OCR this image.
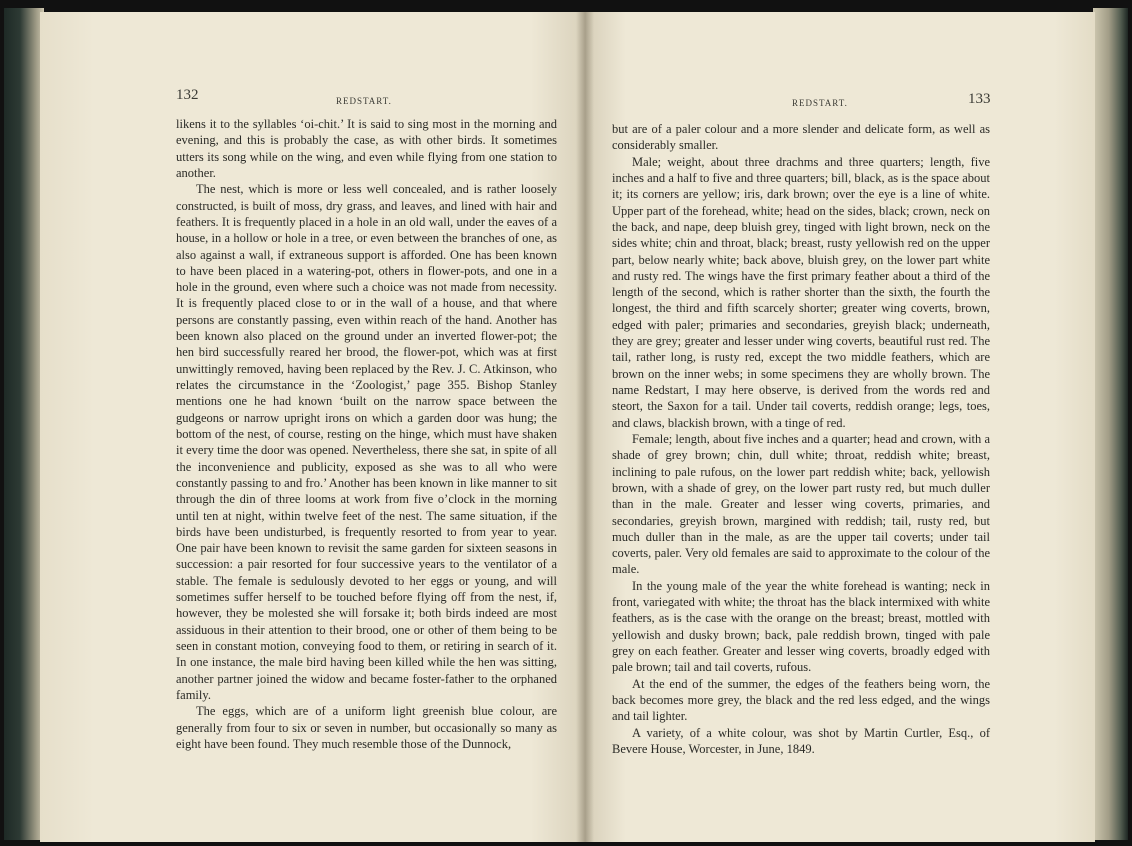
132	REDSTART.	REDSTART.	133

likens it to the syllables ‘oi-chit.’ It is said to sing most in the morning and evening, and this is probably the case, as with other birds. It sometimes utters its song while on the wing, and even while flying from one station to another.

The nest, which is more or less well concealed, and is rather loosely constructed, is built of moss, dry grass, and leaves, and lined with hair and feathers. It is frequently placed in a hole in an old wall, under the eaves of a house, in a hollow or hole in a tree, or even between the branches of one, as also against a wall, if extraneous support is afforded. One has been known to have been placed in a watering-pot, others in flower-pots, and one in a hole in the ground, even where such a choice was not made from necessity. It is frequently placed close to or in the wall of a house, and that where persons are constantly passing, even within reach of the hand. Another has been known also placed on the ground under an inverted flower-pot; the hen bird successfully reared her brood, the flower-pot, which was at first unwittingly removed, having been replaced by the Rev. J. C. Atkinson, who relates the circumstance in the ‘Zoologist,’ page 355. Bishop Stanley mentions one he had known ‘built on the narrow space between the gudgeons or narrow upright irons on which a garden door was hung; the bottom of the nest, of course, resting on the hinge, which must have shaken it every time the door was opened. Nevertheless, there she sat, in spite of all the inconvenience and publicity, exposed as she was to all who were constantly passing to and fro.’ Another has been known in like manner to sit through the din of three looms at work from five o’clock in the morning until ten at night, within twelve feet of the nest. The same situation, if the birds have been undisturbed, is frequently resorted to from year to year. One pair have been known to revisit the same garden for sixteen seasons in succession: a pair resorted for four successive years to the ventilator of a stable. The female is sedulously devoted to her eggs or young, and will sometimes suffer herself to be touched before flying off from the nest, if, however, they be molested she will forsake it; both birds indeed are most assiduous in their attention to their brood, one or other of them being to be seen in constant motion, conveying food to them, or retiring in search of it. In one instance, the male bird having been killed while the hen was sitting, another partner joined the widow and became foster-father to the orphaned family.

The eggs, which are of a uniform light greenish blue colour, are generally from four to six or seven in number, but occasionally so many as eight have been found. They much resemble those of the Dunnock,

but are of a paler colour and a more slender and delicate form, as well as considerably smaller.

Male; weight, about three drachms and three quarters; length, five inches and a half to five and three quarters; bill, black, as is the space about it; its corners are yellow; iris, dark brown; over the eye is a line of white. Upper part of the forehead, white; head on the sides, black; crown, neck on the back, and nape, deep bluish grey, tinged with light brown, neck on the sides white; chin and throat, black; breast, rusty yellowish red on the upper part, below nearly white; back above, bluish grey, on the lower part white and rusty red. The wings have the first primary feather about a third of the length of the second, which is rather shorter than the sixth, the fourth the longest, the third and fifth scarcely shorter; greater wing coverts, brown, edged with paler; primaries and secondaries, greyish black; underneath, they are grey; greater and lesser under wing coverts, beautiful rust red. The tail, rather long, is rusty red, except the two middle feathers, which are brown on the inner webs; in some specimens they are wholly brown. The name Redstart, I may here observe, is derived from the words red and steort, the Saxon for a tail. Under tail coverts, reddish orange; legs, toes, and claws, blackish brown, with a tinge of red.

Female; length, about five inches and a quarter; head and crown, with a shade of grey brown; chin, dull white; throat, reddish white; breast, inclining to pale rufous, on the lower part reddish white; back, yellowish brown, with a shade of grey, on the lower part rusty red, but much duller than in the male. Greater and lesser wing coverts, primaries, and secondaries, greyish brown, margined with reddish; tail, rusty red, but much duller than in the male, as are the upper tail coverts; under tail coverts, paler. Very old females are said to approximate to the colour of the male.

In the young male of the year the white forehead is wanting; neck in front, variegated with white; the throat has the black intermixed with white feathers, as is the case with the orange on the breast; breast, mottled with yellowish and dusky brown; back, pale reddish brown, tinged with pale grey on each feather. Greater and lesser wing coverts, broadly edged with pale brown; tail and tail coverts, rufous.

At the end of the summer, the edges of the feathers being worn, the back becomes more grey, the black and the red less edged, and the wings and tail lighter.

A variety, of a white colour, was shot by Martin Curtler, Esq., of Bevere House, Worcester, in June, 1849.
